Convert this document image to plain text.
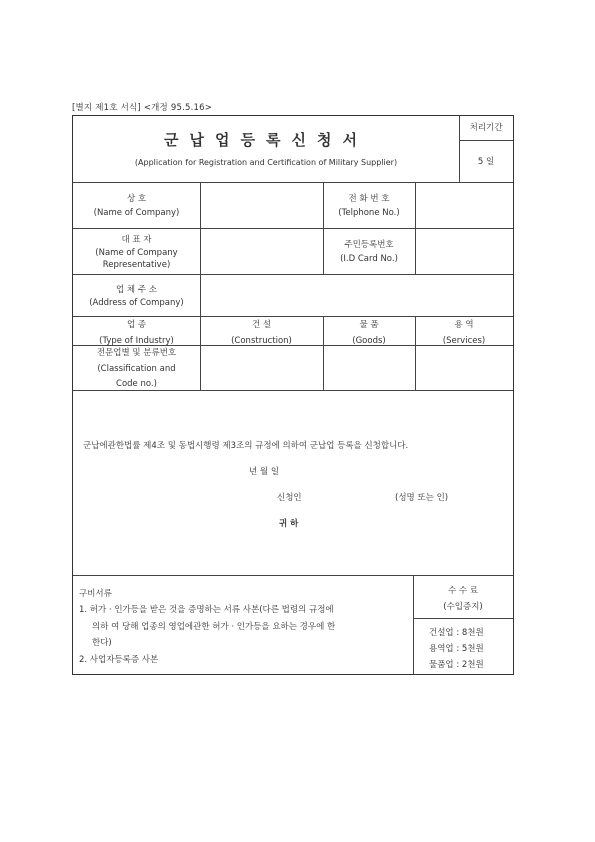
[별지 제1호 서식] <개정 95.5.16>
군납업등록신청서
(Application for Registration and Certification of Military Supplier)
처리기간
5 일
상 호
(Name of Company)
전 화 번 호
(Telphone No.)
대 표 자
(Name of Company
Representative)
주민등록번호
(I.D Card No.)
업 체 주 소
(Address of Company)
업 종
(Type of Industry)
건 설
(Construction)
물 품
(Goods)
용 역
(Services)
전문업별 및 분류번호
(Classification and
Code no.)
군납에관한법률 제4조 및 동법시행령 제3조의 규정에 의하여 군납업 등록을 신청합니다.
년 월 일
신청인	(성명 또는 인)
귀 하
구비서류
1. 허가 · 인가등을 받은 것을 증명하는 서류 사본(다른 법령의 규정에
의하 여 당해 업종의 영업에관한 허가 · 인가등을 요하는 경우에 한
한다)
2. 사업자등록증 사본
수 수 료
(수입증지)
건설업 : 8천원
용역업 : 5천원
물품업 : 2천원
